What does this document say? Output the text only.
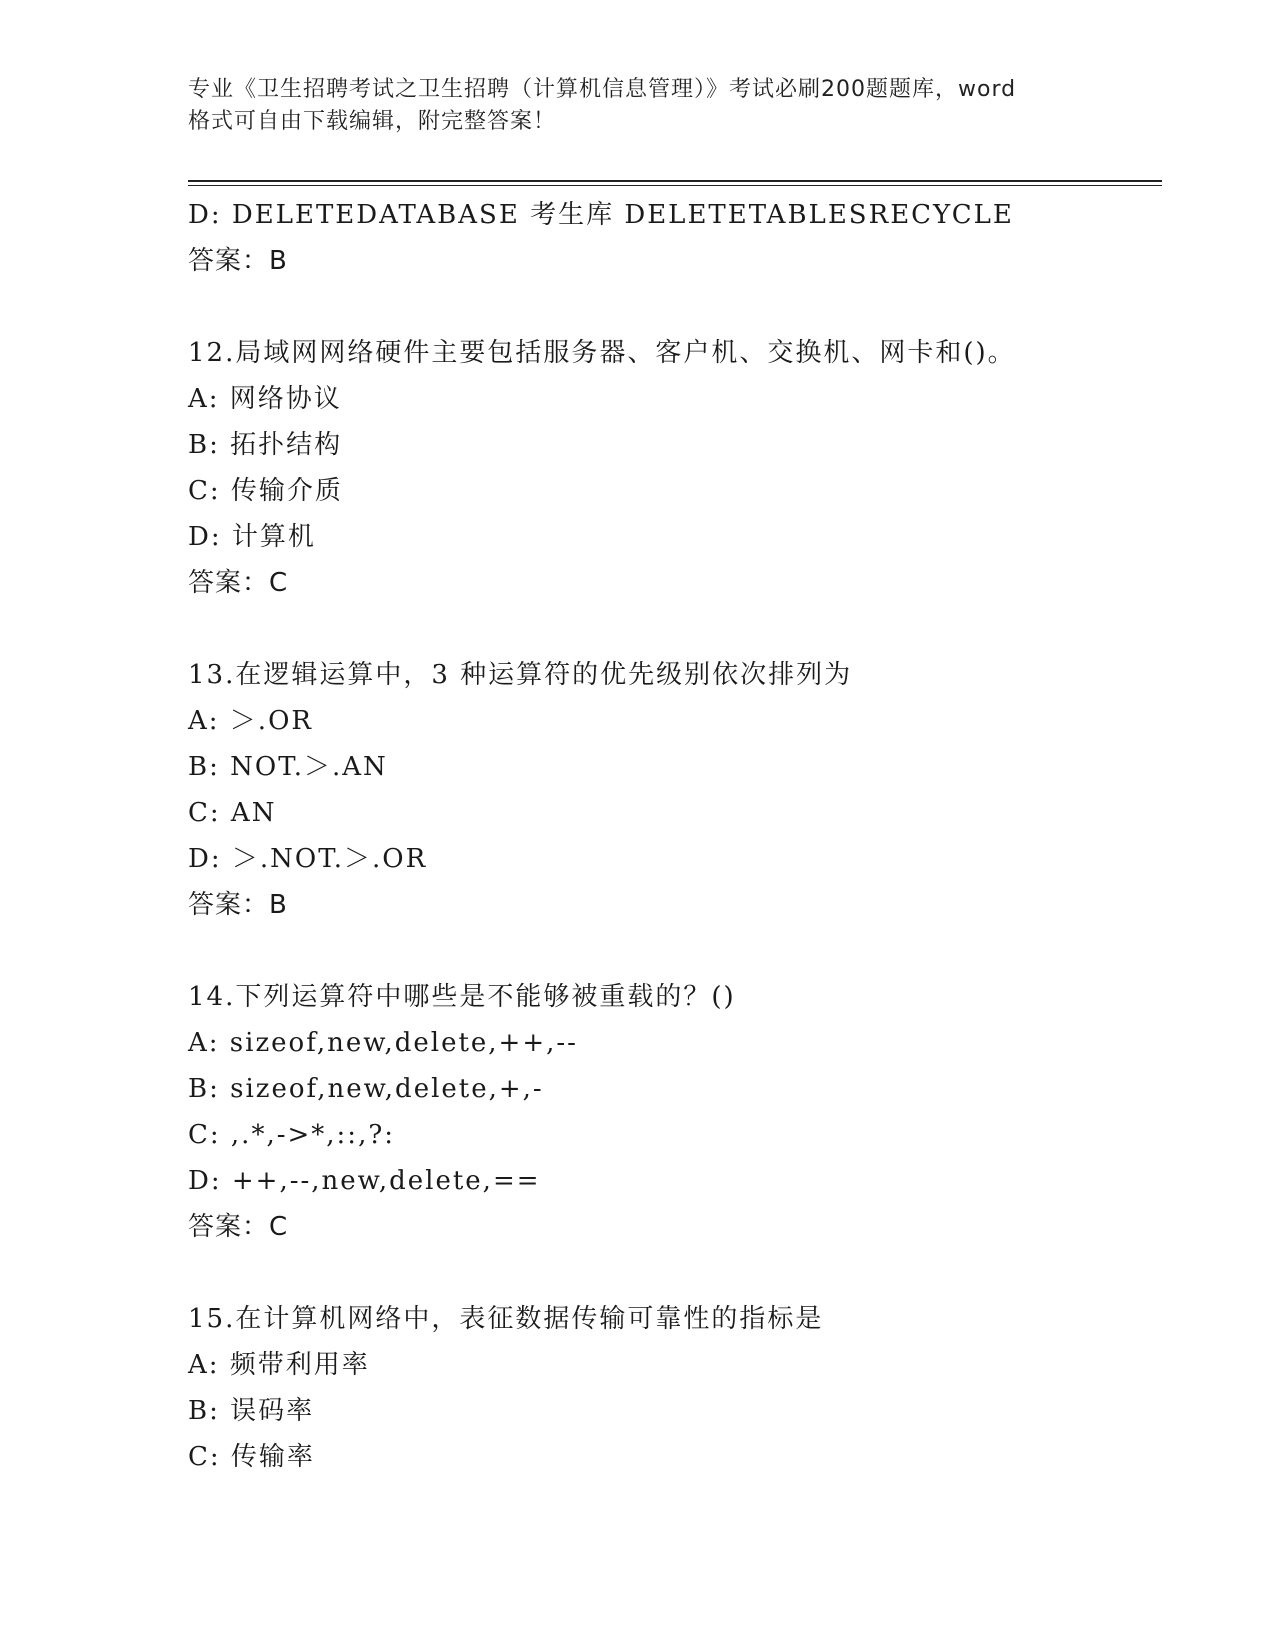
专业《卫生招聘考试之卫生招聘（计算机信息管理）》考试必刷200题题库，word
格式可自由下载编辑，附完整答案！
D: DELETEDATABASE 考生库 DELETETABLESRECYCLE
答案：B
12.局域网网络硬件主要包括服务器、客户机、交换机、网卡和()。
A: 网络协议
B: 拓扑结构
C: 传输介质
D: 计算机
答案：C
13.在逻辑运算中，3 种运算符的优先级别依次排列为
A: ＞.OR
B: NOT.＞.AN
C: AN
D: ＞.NOT.＞.OR
答案：B
14.下列运算符中哪些是不能够被重载的？()
A: sizeof,new,delete,++,--
B: sizeof,new,delete,+,-
C: ,.*,->*,::,?:
D: ++,--,new,delete,==
答案：C
15.在计算机网络中，表征数据传输可靠性的指标是
A: 频带利用率
B: 误码率
C: 传输率
